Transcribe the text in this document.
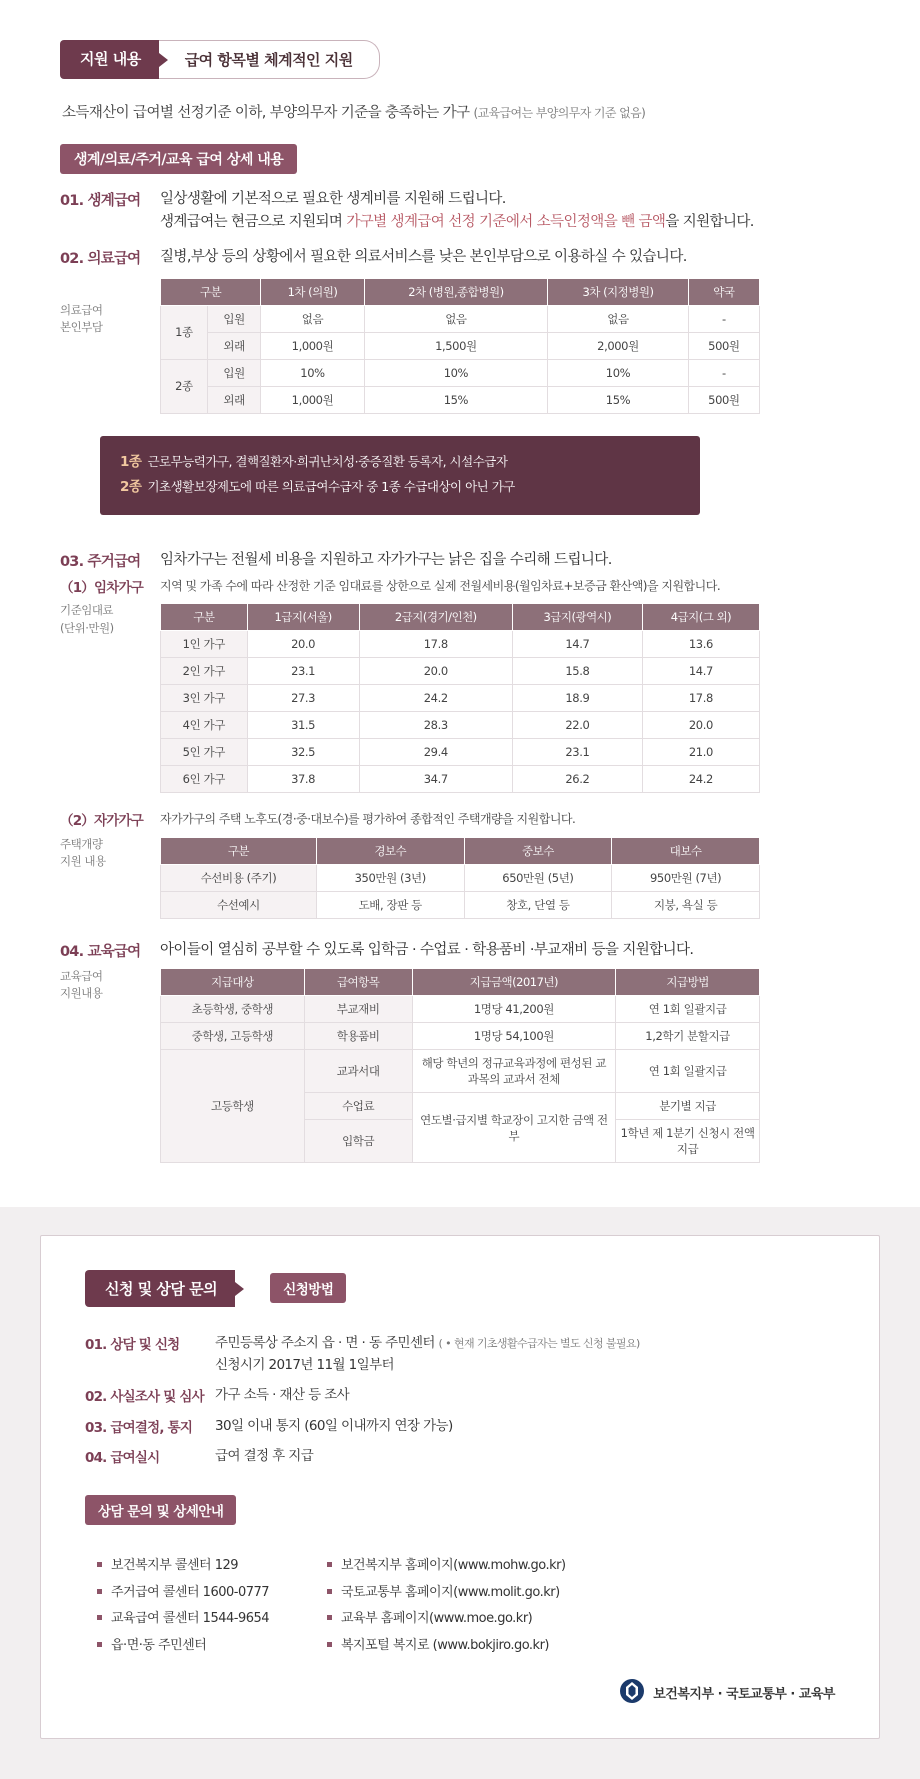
지원 내용	급여 항목별 체계적인 지원
소득재산이 급여별 선정기준 이하, 부양의무자 기준을 충족하는 가구 (교육급여는 부양의무자 기준 없음)
생계/의료/주거/교육 급여 상세 내용
01. 생계급여	일상생활에 기본적으로 필요한 생계비를 지원해 드립니다.
생계급여는 현금으로 지원되며 가구별 생계급여 선정 기준에서 소득인정액을 뺀 금액을 지원합니다.
02. 의료급여	질병,부상 등의 상황에서 필요한 의료서비스를 낮은 본인부담으로 이용하실 수 있습니다.
의료급여
본인부담
구분		1차 (의원)	2차 (병원,종합병원)	3차 (지정병원)	약국
1종	입원	없음	없음	없음	-
	외래	1,000원	1,500원	2,000원	500원
2종	입원	10%	10%	10%	-
	외래	1,000원	15%	15%	500원
1종 근로무능력가구, 결핵질환자·희귀난치성·중증질환 등록자, 시설수급자
2종 기초생활보장제도에 따른 의료급여수급자 중 1종 수급대상이 아닌 가구
03. 주거급여	임차가구는 전월세 비용을 지원하고 자가가구는 낡은 집을 수리해 드립니다.
（1）임차가구
기준임대료
(단위·만원)
지역 및 가족 수에 따라 산정한 기준 임대료를 상한으로 실제 전월세비용(월임차료+보증금 환산액)을 지원합니다.
구분	1급지(서울)	2급지(경기/인천)	3급지(광역시)	4급지(그 외)
1인 가구	20.0	17.8	14.7	13.6
2인 가구	23.1	20.0	15.8	14.7
3인 가구	27.3	24.2	18.9	17.8
4인 가구	31.5	28.3	22.0	20.0
5인 가구	32.5	29.4	23.1	21.0
6인 가구	37.8	34.7	26.2	24.2
（2）자가가구
주택개량
지원 내용
자가가구의 주택 노후도(경·중·대보수)를 평가하여 종합적인 주택개량을 지원합니다.
구분	경보수	중보수	대보수
수선비용 (주기)	350만원 (3년)	650만원 (5년)	950만원 (7년)
수선예시	도배, 장판 등	창호, 단열 등	지붕, 욕실 등
04. 교육급여	아이들이 열심히 공부할 수 있도록 입학금 · 수업료 · 학용품비 ·부교재비 등을 지원합니다.
교육급여
지원내용
지급대상	급여항목	지급금액(2017년)	지급방법
초등학생, 중학생	부교재비	1명당 41,200원	연 1회 일괄지급
중학생, 고등학생	학용품비	1명당 54,100원	1,2학기 분할지급
고등학생	교과서대	해당 학년의 정규교육과정에 편성된 교과목의 교과서 전체	연 1회 일괄지급
	수업료	연도별·급지별 학교장이 고지한 금액 전부	분기별 지급
	입학금		1학년 제 1분기 신청시 전액지급
신청 및 상담 문의	신청방법
01. 상담 및 신청	주민등록상 주소지 읍 · 면 · 동 주민센터 ( • 현재 기초생활수급자는 별도 신청 불필요)
신청시기 2017년 11월 1일부터
02. 사실조사 및 심사 가구 소득 · 재산 등 조사
03. 급여결정, 통지	30일 이내 통지 (60일 이내까지 연장 가능)
04. 급여실시	급여 결정 후 지급
상담 문의 및 상세안내
보건복지부 콜센터 129
주거급여 콜센터 1600-0777
교육급여 콜센터 1544-9654
읍·면·동 주민센터
보건복지부 홈페이지(www.mohw.go.kr)
국토교통부 홈페이지(www.molit.go.kr)
교육부 홈페이지(www.moe.go.kr)
복지포털 복지로 (www.bokjiro.go.kr)
보건복지부 · 국토교통부 · 교육부
